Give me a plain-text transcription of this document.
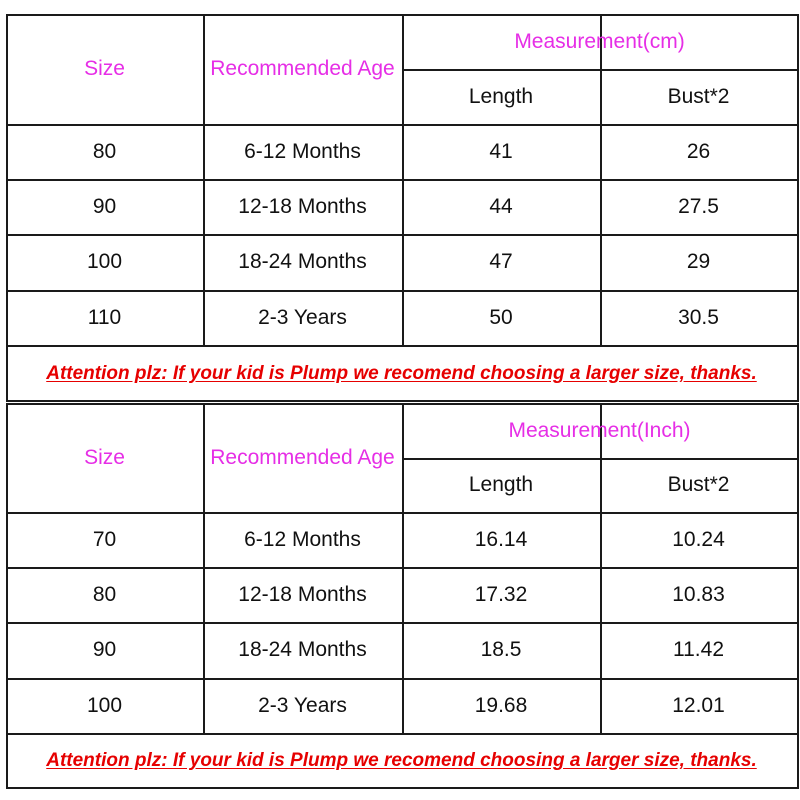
Size	Recommended Age
Measurement(cm)
Length	Bust*2
80	6-12 Months	41	26
90	12-18 Months	44	27.5
100	18-24 Months	47	29
110	2-3 Years	50	30.5
Attention plz: If your kid is Plump we recomend choosing a larger size, thanks.
Size	Recommended Age
Measurement(Inch)
Length	Bust*2
70	6-12 Months	16.14	10.24
80	12-18 Months	17.32	10.83
90	18-24 Months	18.5	11.42
100	2-3 Years	19.68	12.01
Attention plz: If your kid is Plump we recomend choosing a larger size, thanks.
